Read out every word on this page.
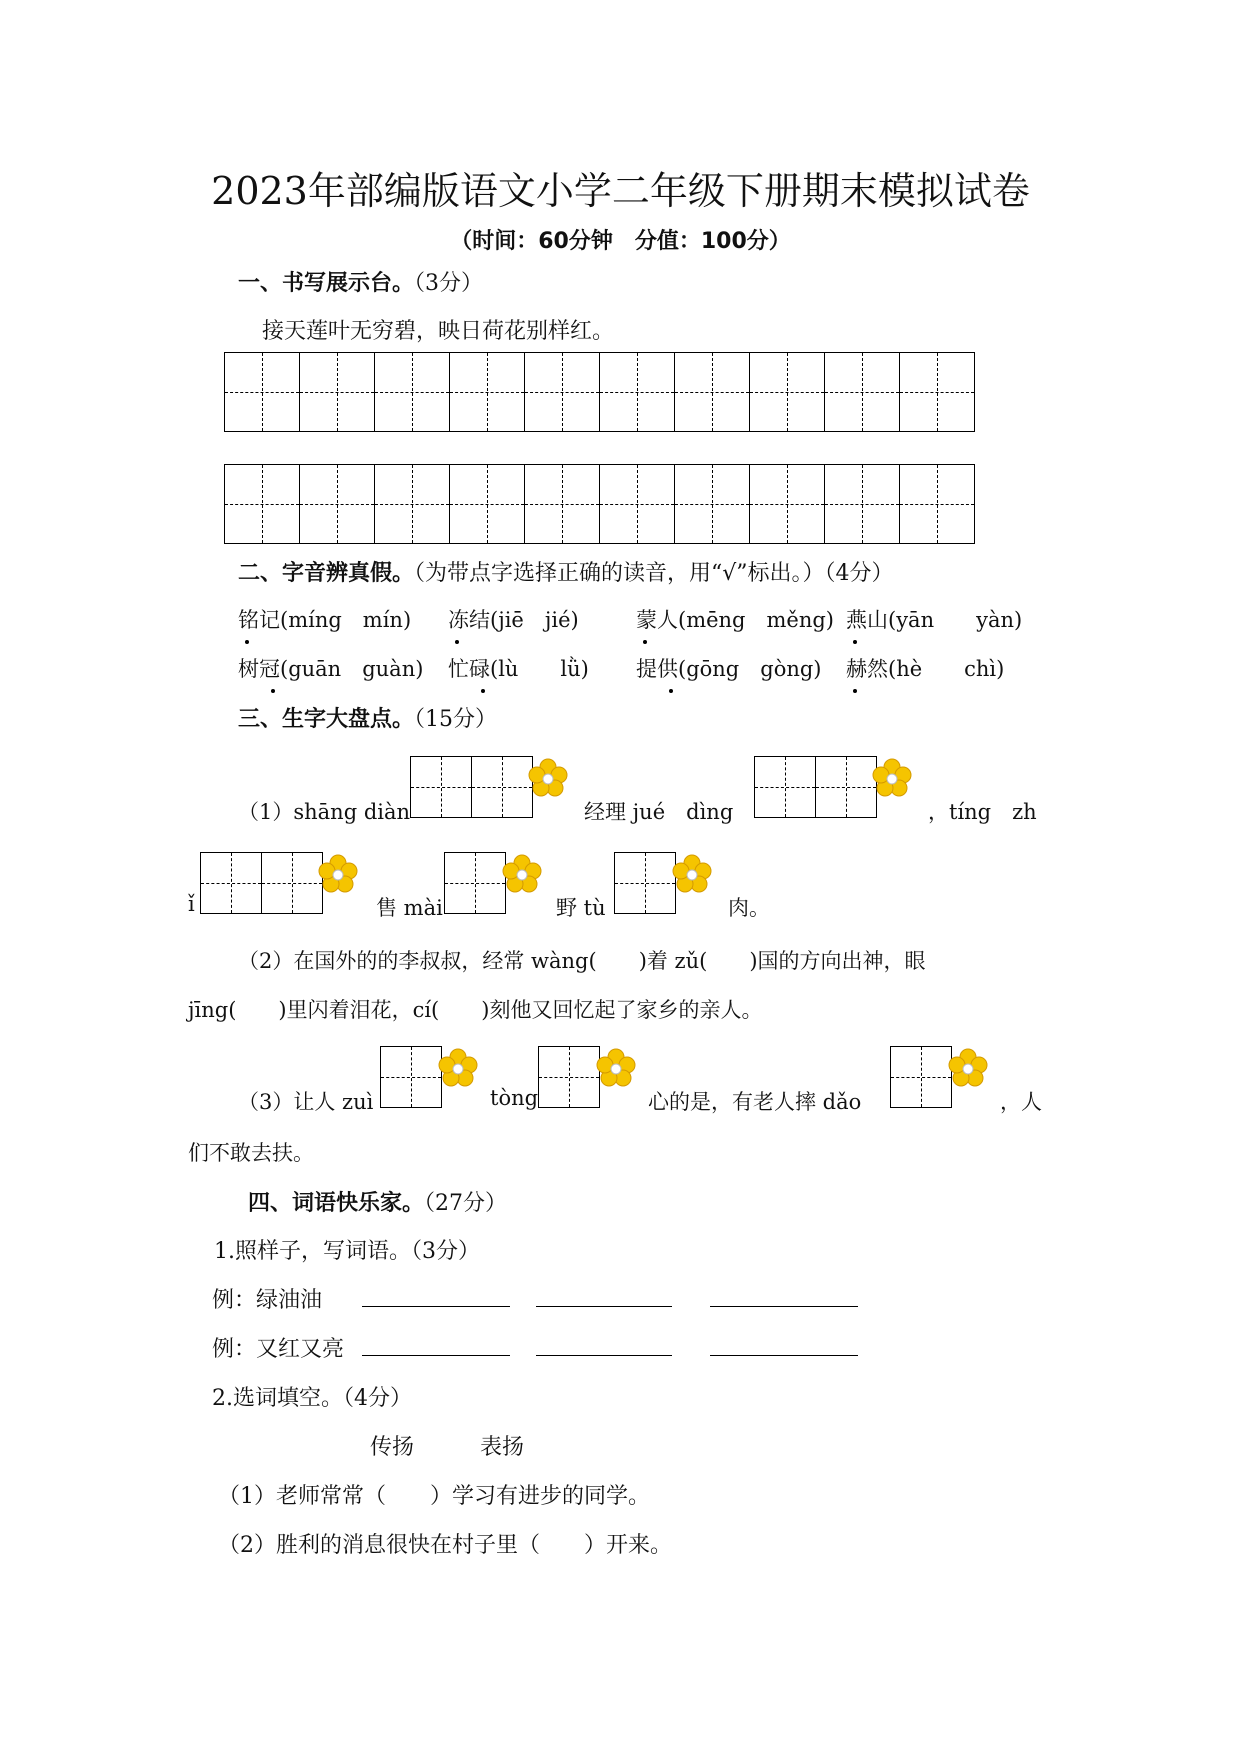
2023年部编版语文小学二年级下册期末模拟试卷
（时间：60分钟　分值：100分）
一、书写展示台。（3分）
接天莲叶无穷碧，映日荷花别样红。
二、字音辨真假。（为带点字选择正确的读音，用“√”标出。）（4分）
铭记(míng　mín) 冻结(jiē　jié)	蒙人(mēng　měng) 燕山(yān　　yàn)
树冠(guān　guàn) 忙碌(lù　　lǜ) 提供(gōng　gòng) 赫然(hè　　chì)
三、生字大盘点。（15分）
（1）shāng diàn	经理 jué　dìng	，tíng　zh
ǐ	售 mài	野 tù	肉。
（2）在国外的的李叔叔，经常 wàng(　　)着 zǔ(　　)国的方向出神，眼
jīng(　　)里闪着泪花，cí(　　)刻他又回忆起了家乡的亲人。
（3）让人 zuì	tòng	心的是，有老人摔 dǎo	，人
们不敢去扶。
四、词语快乐家。（27分）
1.照样子，写词语。（3分）
例：绿油油
例：又红又亮
2.选词填空。（4分）
传扬	表扬
（1）老师常常（　　）学习有进步的同学。
（2）胜利的消息很快在村子里（　　）开来。
